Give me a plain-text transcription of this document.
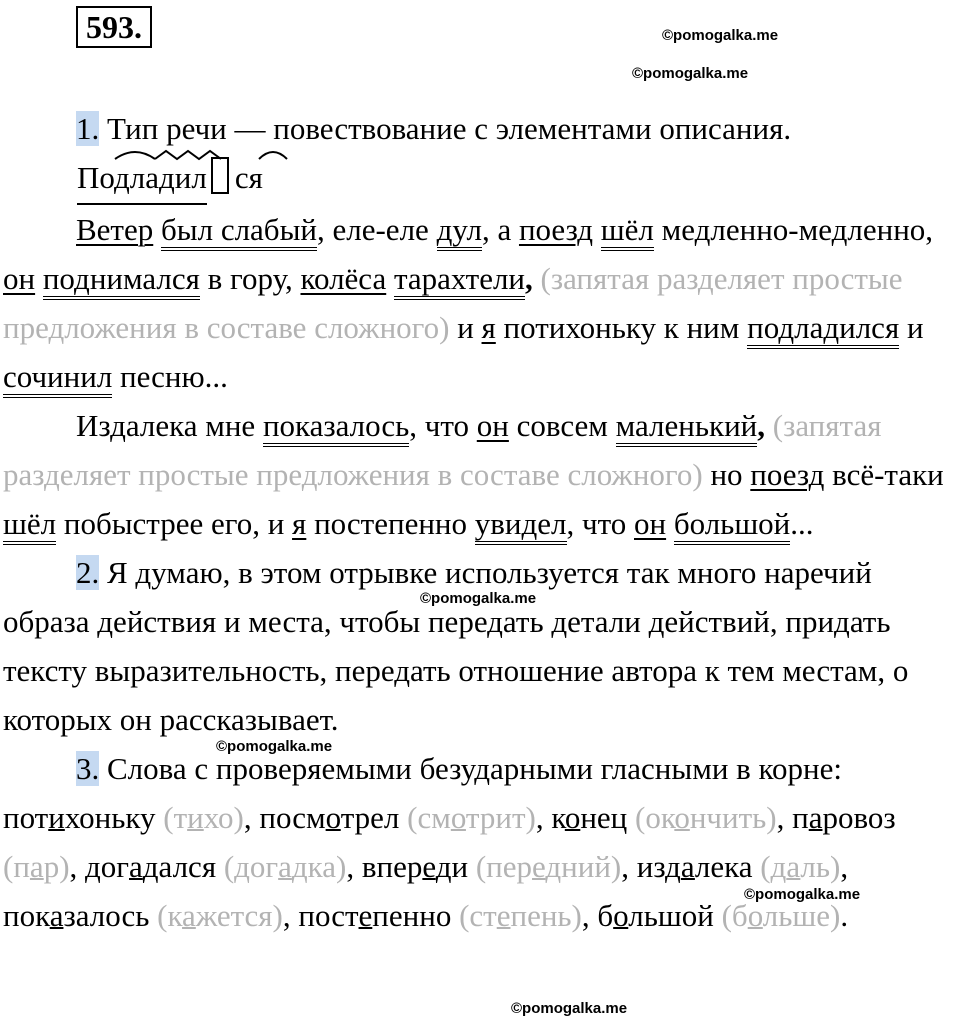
593.	©pomogalka.me
©pomogalka.me
©pomogalka.me
©pomogalka.me
©pomogalka.me
©pomogalka.me

1. Тип речи — повествование с элементами описания.

Подладил ся

Ветер был слабый, еле-еле дул, а поезд шёл медленно-медленно, он поднимался в гору, колёса тарахтели, (запятая разделяет простые предложения в составе сложного) и я потихоньку к ним подладился и сочинил песню...

Издалека мне показалось, что он совсем маленький, (запятая разделяет простые предложения в составе сложного) но поезд всё-таки шёл побыстрее его, и я постепенно увидел, что он большой...

2. Я думаю, в этом отрывке используется так много наречий образа действия и места, чтобы передать детали действий, придать тексту выразительность, передать отношение автора к тем местам, о которых он рассказывает.

3. Слова с проверяемыми безударными гласными в корне: потихоньку (тихо), посмотрел (смотрит), конец (окончить), паровоз (пар), догадался (догадка), впереди (передний), издалека (даль), показалось (кажется), постепенно (степень), большой (больше).
